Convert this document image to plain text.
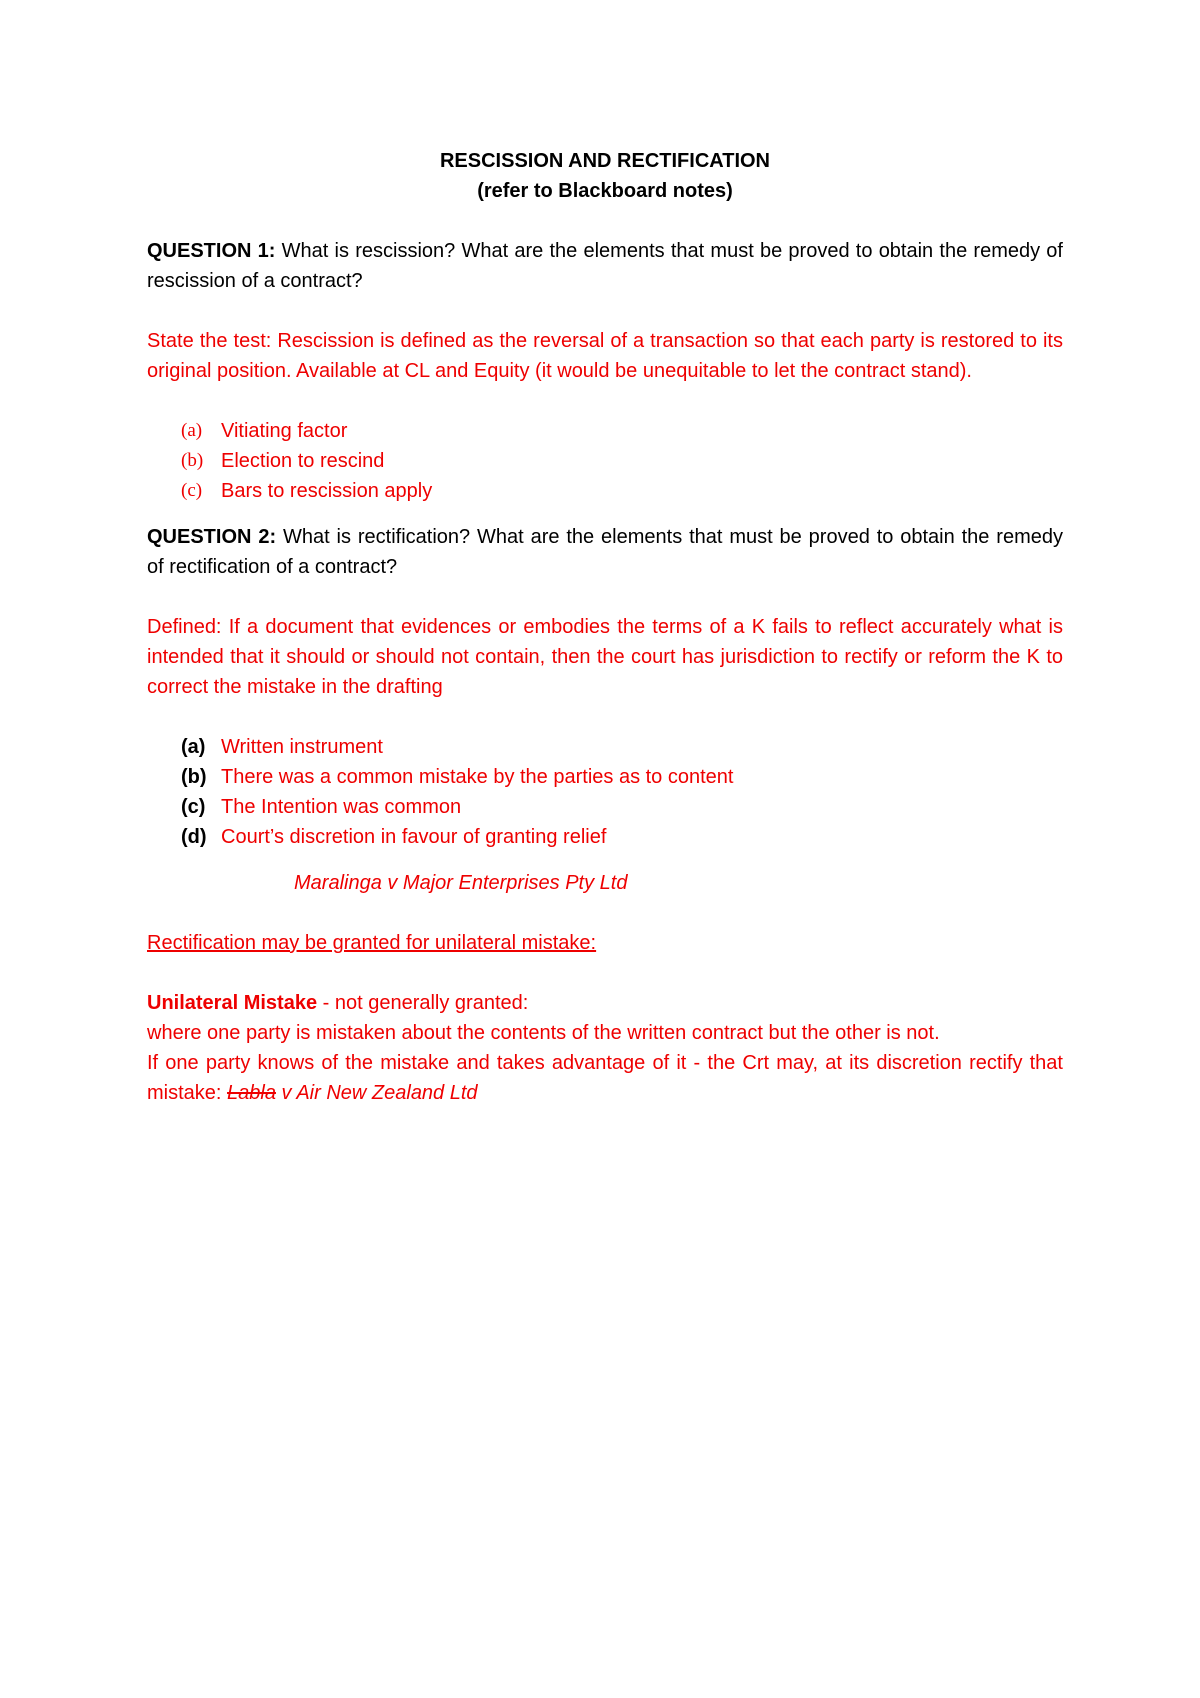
RESCISSION AND RECTIFICATION

(refer to Blackboard notes)

QUESTION 1: What is rescission? What are the elements that must be proved to obtain the remedy of rescission of a contract?

State the test: Rescission is defined as the reversal of a transaction so that each party is restored to its original position. Available at CL and Equity (it would be unequitable to let the contract stand).

(a) Vitiating factor
(b) Election to rescind
(c) Bars to rescission apply

QUESTION 2: What is rectification? What are the elements that must be proved to obtain the remedy of rectification of a contract?

Defined: If a document that evidences or embodies the terms of a K fails to reflect accurately what is intended that it should or should not contain, then the court has jurisdiction to rectify or reform the K to correct the mistake in the drafting

(a) Written instrument
(b) There was a common mistake by the parties as to content
(c) The Intention was common
(d) Court’s discretion in favour of granting relief

Maralinga v Major Enterprises Pty Ltd

Rectification may be granted for unilateral mistake:

Unilateral Mistake - not generally granted:

where one party is mistaken about the contents of the written contract but the other is not.

If one party knows of the mistake and takes advantage of it - the Crt may, at its discretion rectify that mistake: Labla v Air New Zealand Ltd
